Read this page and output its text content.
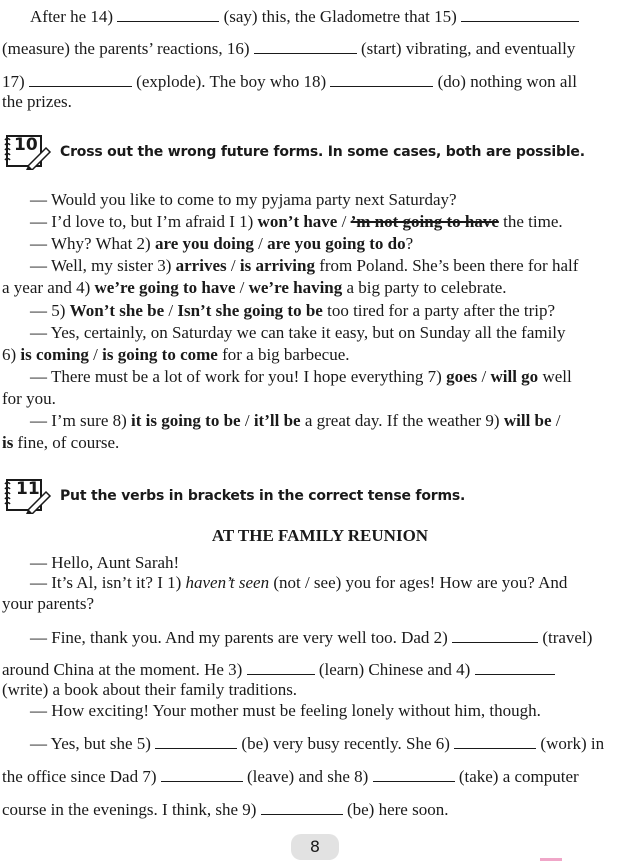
After he 14)	(say) this, the Gladometre that 15)
(measure) the parents’ reactions, 16)	(start) vibrating, and eventually
17)	(explode). The boy who 18)	(do) nothing won all
the prizes.
10 Cross out the wrong future forms. In some cases, both are possible.
— Would you like to come to my pyjama party next Saturday?
— I’d love to, but I’m afraid I 1) won’t have / ’m not going to have the time.
— Why? What 2) are you doing / are you going to do?
— Well, my sister 3) arrives / is arriving from Poland. She’s been there for half
a year and 4) we’re going to have / we’re having a big party to celebrate.
— 5) Won’t she be / Isn’t she going to be too tired for a party after the trip?
— Yes, certainly, on Saturday we can take it easy, but on Sunday all the family
6) is coming / is going to come for a big barbecue.
— There must be a lot of work for you! I hope everything 7) goes / will go well
for you.
— I’m sure 8) it is going to be / it’ll be a great day. If the weather 9) will be /
is fine, of course.
11 Put the verbs in brackets in the correct tense forms.
AT THE FAMILY REUNION
— Hello, Aunt Sarah!
— It’s Al, isn’t it? I 1) haven’t seen (not / see) you for ages! How are you? And
your parents?
— Fine, thank you. And my parents are very well too. Dad 2)	(travel)
around China at the moment. He 3)	(learn) Chinese and 4)
(write) a book about their family traditions.
— How exciting! Your mother must be feeling lonely without him, though.
— Yes, but she 5)	(be) very busy recently. She 6)	(work) in
the office since Dad 7)	(leave) and she 8)	(take) a computer
course in the evenings. I think, she 9)	(be) here soon.
8
